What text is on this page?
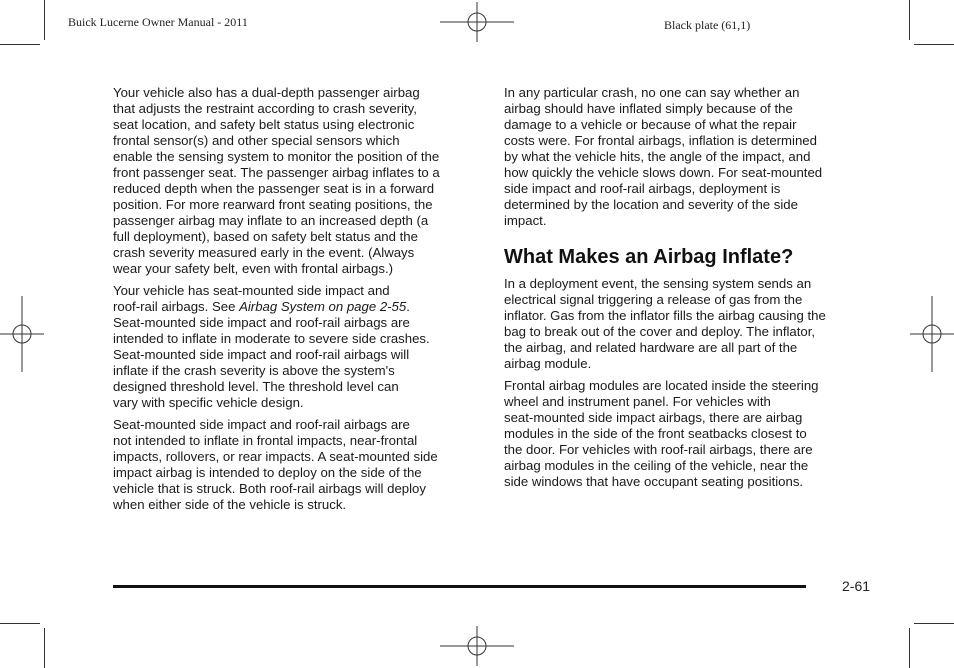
Buick Lucerne Owner Manual - 2011	Black plate (61,1)

Your vehicle also has a dual-depth passenger airbag
that adjusts the restraint according to crash severity,
seat location, and safety belt status using electronic
frontal sensor(s) and other special sensors which
enable the sensing system to monitor the position of the
front passenger seat. The passenger airbag inflates to a
reduced depth when the passenger seat is in a forward
position. For more rearward front seating positions, the
passenger airbag may inflate to an increased depth (a
full deployment), based on safety belt status and the
crash severity measured early in the event. (Always
wear your safety belt, even with frontal airbags.)

Your vehicle has seat-mounted side impact and
roof-rail airbags. See Airbag System on page 2‑55.
Seat-mounted side impact and roof-rail airbags are
intended to inflate in moderate to severe side crashes.
Seat-mounted side impact and roof-rail airbags will
inflate if the crash severity is above the system's
designed threshold level. The threshold level can
vary with specific vehicle design.

Seat-mounted side impact and roof-rail airbags are
not intended to inflate in frontal impacts, near-frontal
impacts, rollovers, or rear impacts. A seat-mounted side
impact airbag is intended to deploy on the side of the
vehicle that is struck. Both roof-rail airbags will deploy
when either side of the vehicle is struck.

In any particular crash, no one can say whether an
airbag should have inflated simply because of the
damage to a vehicle or because of what the repair
costs were. For frontal airbags, inflation is determined
by what the vehicle hits, the angle of the impact, and
how quickly the vehicle slows down. For seat-mounted
side impact and roof-rail airbags, deployment is
determined by the location and severity of the side
impact.

What Makes an Airbag Inflate?

In a deployment event, the sensing system sends an
electrical signal triggering a release of gas from the
inflator. Gas from the inflator fills the airbag causing the
bag to break out of the cover and deploy. The inflator,
the airbag, and related hardware are all part of the
airbag module.

Frontal airbag modules are located inside the steering
wheel and instrument panel. For vehicles with
seat-mounted side impact airbags, there are airbag
modules in the side of the front seatbacks closest to
the door. For vehicles with roof-rail airbags, there are
airbag modules in the ceiling of the vehicle, near the
side windows that have occupant seating positions.

2-61
